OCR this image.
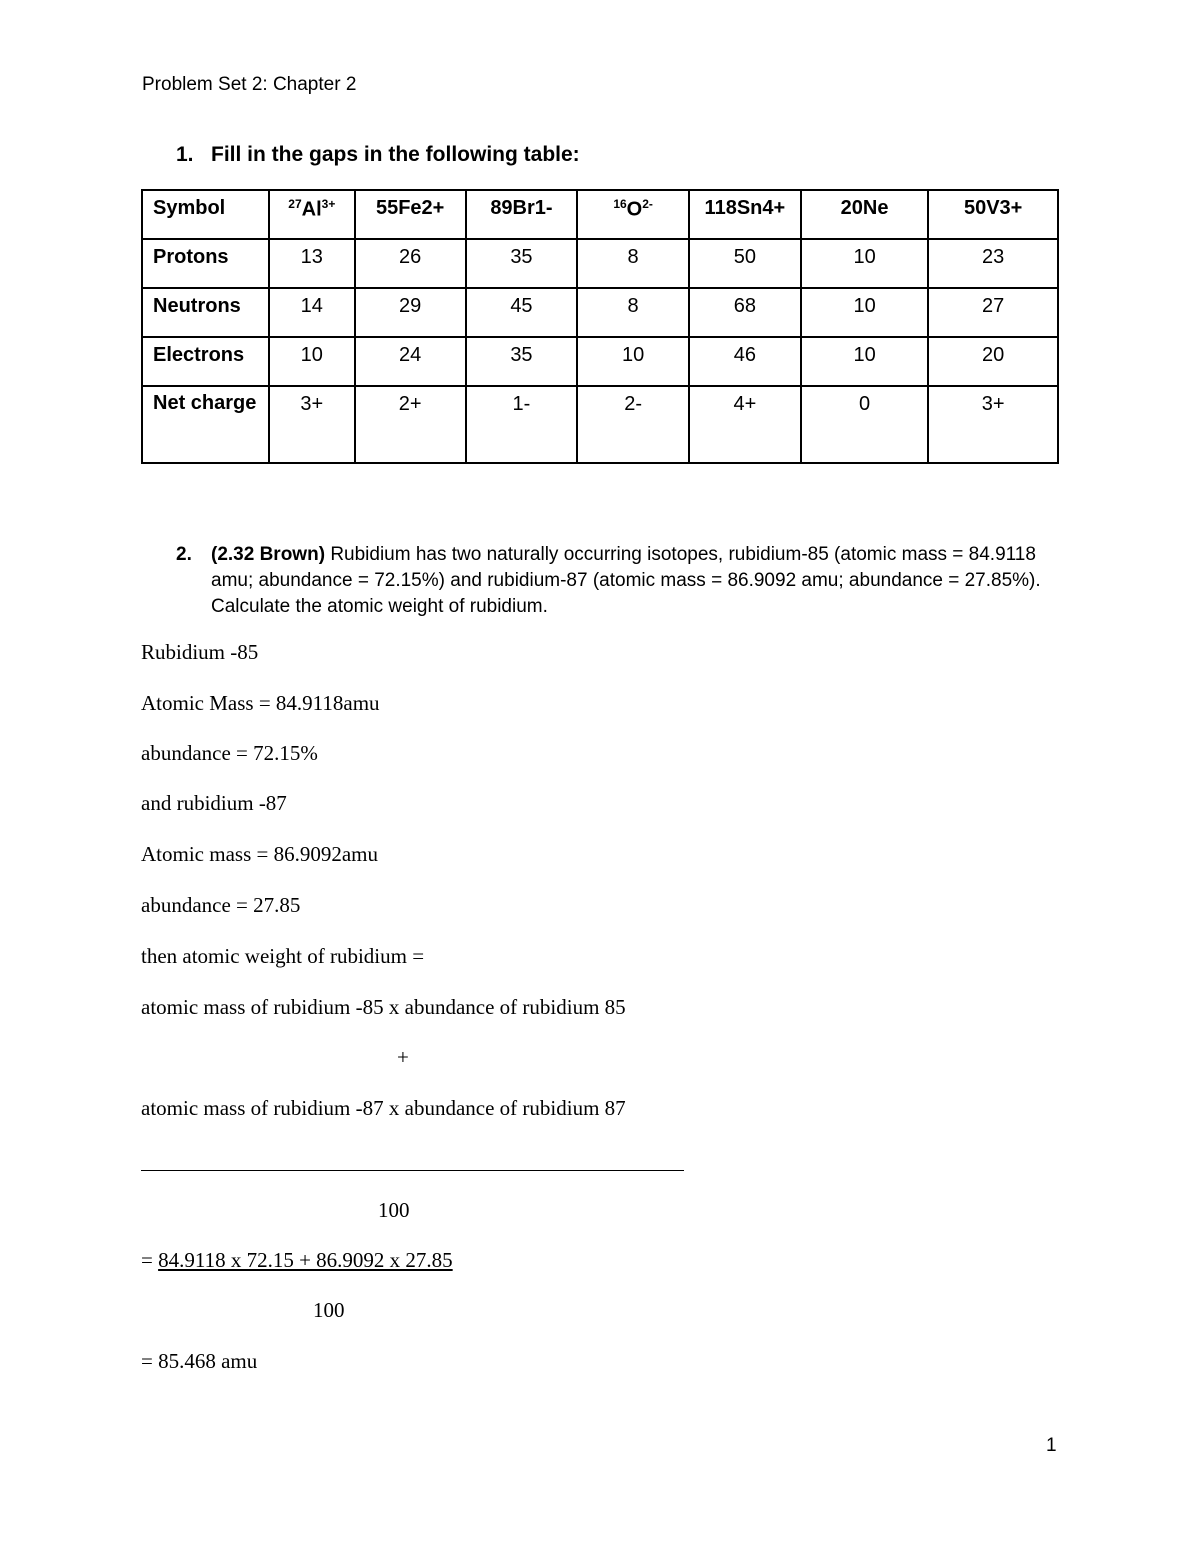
Problem Set 2: Chapter 2
1. Fill in the gaps in the following table:
Symbol	$^{27}Al^{3+}$	55Fe2+	89Br1-	$^{16}O^{2-}$	118Sn4+	20Ne	50V3+
Protons	13	26	35	8	50	10	23
Neutrons	14	29	45	8	68	10	27
Electrons	10	24	35	10	46	10	20
Net charge	3+	2+	1-	2-	4+	0	3+
2. (2.32 Brown) Rubidium has two naturally occurring isotopes, rubidium-85 (atomic mass = 84.9118 amu; abundance = 72.15%) and rubidium-87 (atomic mass = 86.9092 amu; abundance = 27.85%).  Calculate the atomic weight of rubidium.
Rubidium -85
Atomic Mass = 84.9118amu
abundance = 72.15%
and rubidium -87
Atomic mass = 86.9092amu
abundance = 27.85
then atomic weight of rubidium =
atomic mass of rubidium -85 x abundance of rubidium 85
+
atomic mass of rubidium -87 x abundance of rubidium 87
100
= 84.9118 x 72.15 + 86.9092 x 27.85
100
= 85.468 amu
1
